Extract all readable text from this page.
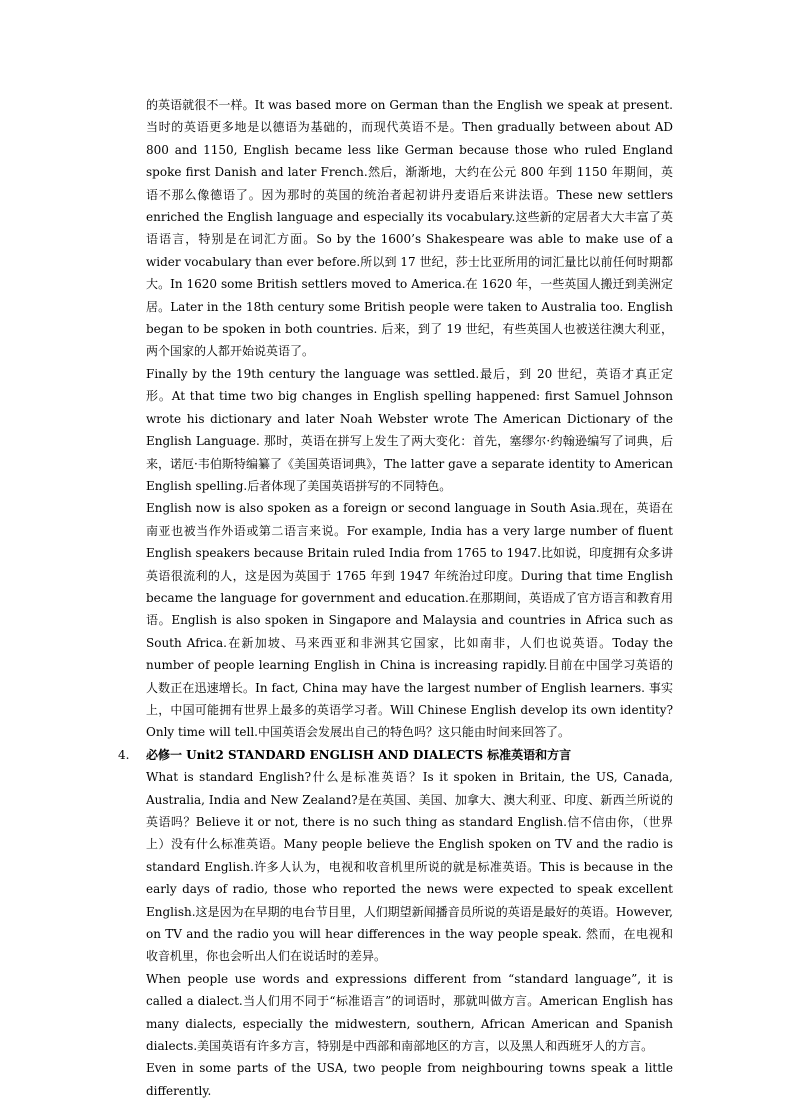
的英语就很不一样。It was based more on German than the English we speak at present.当时的英语更多地是以德语为基础的，而现代英语不是。Then gradually between about AD 800 and 1150, English became less like German because those who ruled England spoke first Danish and later French.然后，渐渐地，大约在公元 800 年到 1150 年期间，英语不那么像德语了。因为那时的英国的统治者起初讲丹麦语后来讲法语。These new settlers enriched the English language and especially its vocabulary.这些新的定居者大大丰富了英语语言，特别是在词汇方面。So by the 1600’s Shakespeare was able to make use of a wider vocabulary than ever before.所以到 17 世纪，莎士比亚所用的词汇量比以前任何时期都大。In 1620 some British settlers moved to America.在 1620 年，一些英国人搬迁到美洲定居。Later in the 18th century some British people were taken to Australia too. English began to be spoken in both countries. 后来，到了 19 世纪，有些英国人也被送往澳大利亚，两个国家的人都开始说英语了。

Finally by the 19th century the language was settled.最后，到 20 世纪，英语才真正定形。At that time two big changes in English spelling happened: first Samuel Johnson wrote his dictionary and later Noah Webster wrote The American Dictionary of the English Language. 那时，英语在拼写上发生了两大变化：首先，塞缪尔·约翰逊编写了词典，后来，诺厄·韦伯斯特编纂了《美国英语词典》，The latter gave a separate identity to American English spelling.后者体现了美国英语拼写的不同特色。

English now is also spoken as a foreign or second language in South Asia.现在，英语在南亚也被当作外语或第二语言来说。For example, India has a very large number of fluent English speakers because Britain ruled India from 1765 to 1947.比如说，印度拥有众多讲英语很流利的人，这是因为英国于 1765 年到 1947 年统治过印度。During that time English became the language for government and education.在那期间，英语成了官方语言和教育用语。English is also spoken in Singapore and Malaysia and countries in Africa such as South Africa.在新加坡、马来西亚和非洲其它国家，比如南非，人们也说英语。Today the number of people learning English in China is increasing rapidly.目前在中国学习英语的人数正在迅速增长。In fact, China may have the largest number of English learners. 事实上，中国可能拥有世界上最多的英语学习者。Will Chinese English develop its own identity? Only time will tell.中国英语会发展出自己的特色吗？这只能由时间来回答了。

4. 必修一 Unit2 STANDARD ENGLISH AND DIALECTS 标准英语和方言

What is standard English?什么是标准英语？Is it spoken in Britain, the US, Canada, Australia, India and New Zealand?是在英国、美国、加拿大、澳大利亚、印度、新西兰所说的英语吗？Believe it or not, there is no such thing as standard English.信不信由你，（世界上）没有什么标准英语。Many people believe the English spoken on TV and the radio is standard English.许多人认为，电视和收音机里所说的就是标准英语。This is because in the early days of radio, those who reported the news were expected to speak excellent English.这是因为在早期的电台节目里，人们期望新闻播音员所说的英语是最好的英语。However, on TV and the radio you will hear differences in the way people speak. 然而，在电视和收音机里，你也会听出人们在说话时的差异。

When people use words and expressions different from “standard language”, it is called a dialect.当人们用不同于“标准语言”的词语时，那就叫做方言。American English has many dialects, especially the midwestern, southern, African American and Spanish dialects.美国英语有许多方言，特别是中西部和南部地区的方言，以及黑人和西班牙人的方言。

Even in some parts of the USA, two people from neighbouring towns speak a little differently.
